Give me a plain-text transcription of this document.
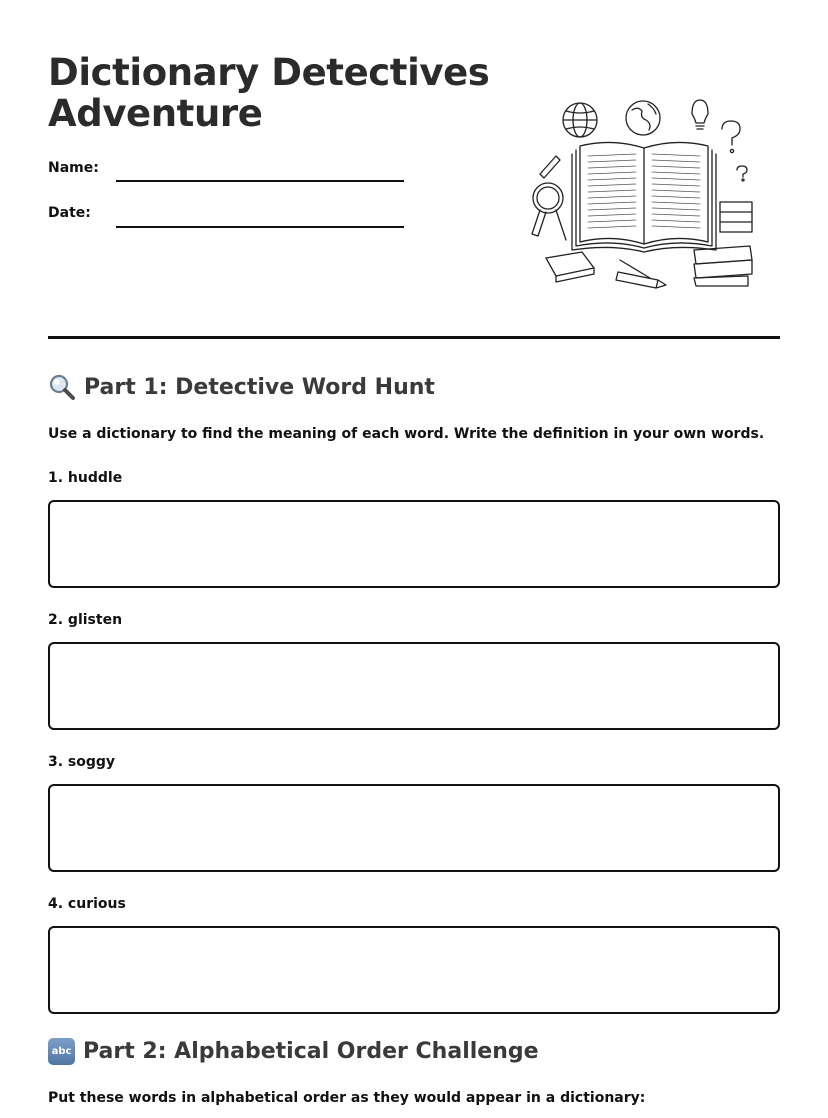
Dictionary Detectives
Adventure
Name:
Date:
Part 1: Detective Word Hunt
Use a dictionary to find the meaning of each word. Write the definition in your own words.
1. huddle
2. glisten
3. soggy
4. curious
abc Part 2: Alphabetical Order Challenge
Put these words in alphabetical order as they would appear in a dictionary:
